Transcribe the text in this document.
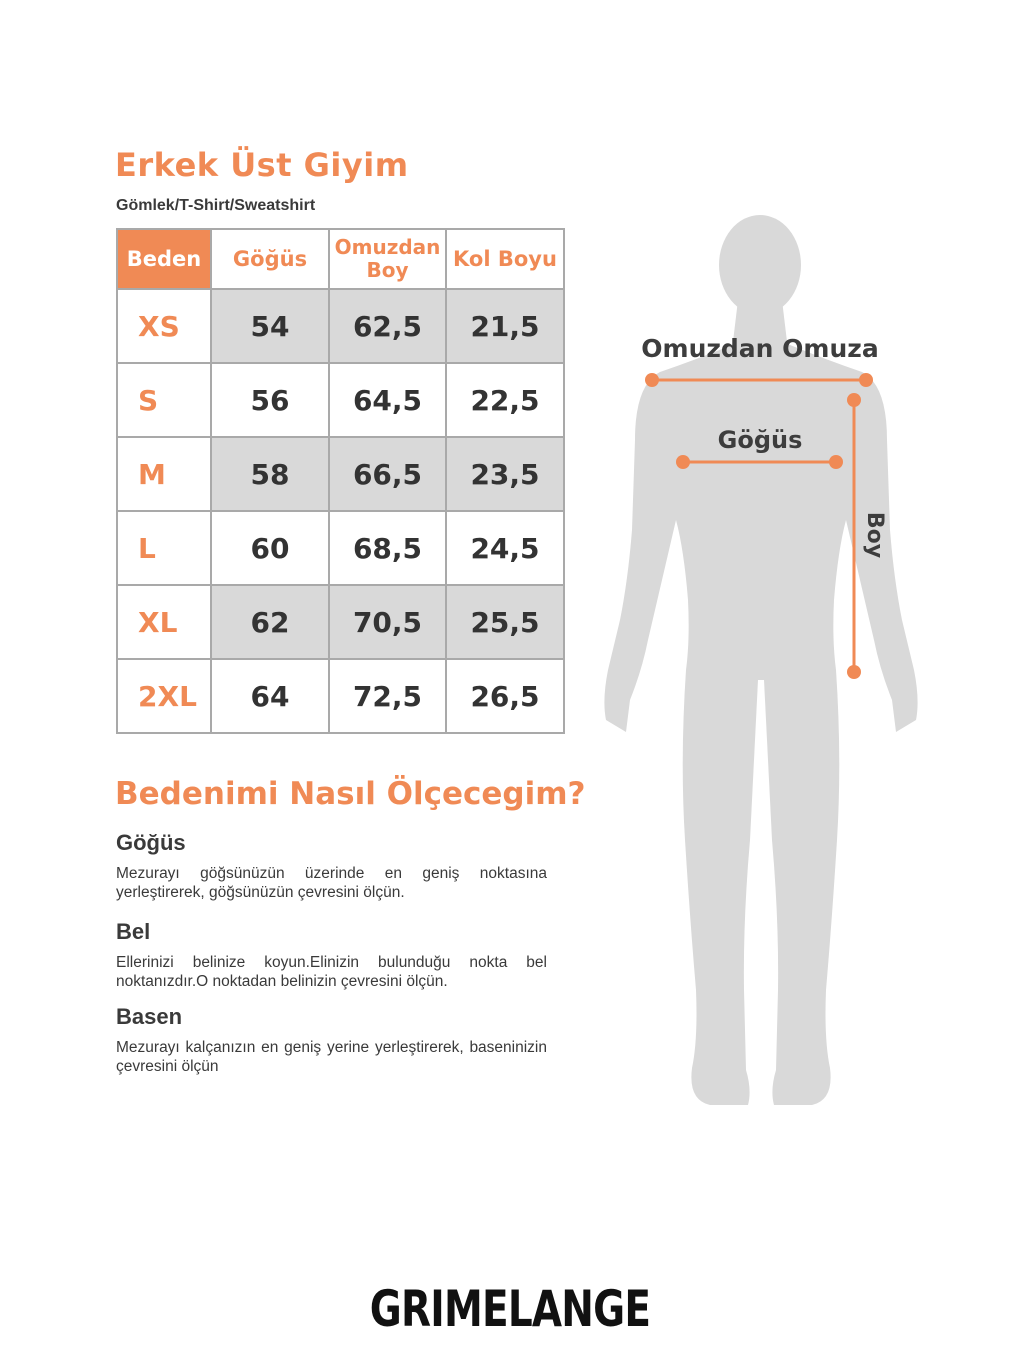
Erkek Üst Giyim
Gömlek/T-Shirt/Sweatshirt
Beden	Göğüs	Omuzdan Boy	Kol Boyu
XS	54	62,5	21,5
S	56	64,5	22,5
M	58	66,5	23,5
L	60	68,5	24,5
XL	62	70,5	25,5
2XL	64	72,5	26,5
Bedenimi Nasıl Ölçecegim?
Göğüs
Mezurayı göğsünüzün üzerinde en geniş noktasına yerleştirerek, göğsünüzün çevresini ölçün.
Bel
Ellerinizi belinize koyun.Elinizin bulunduğu nokta bel noktanızdır.O noktadan belinizin çevresini ölçün.
Basen
Mezurayı kalçanızın en geniş yerine yerleştirerek, baseninizin çevresini ölçün
Omuzdan Omuza
Göğüs
Boy
GRIMELANGE
